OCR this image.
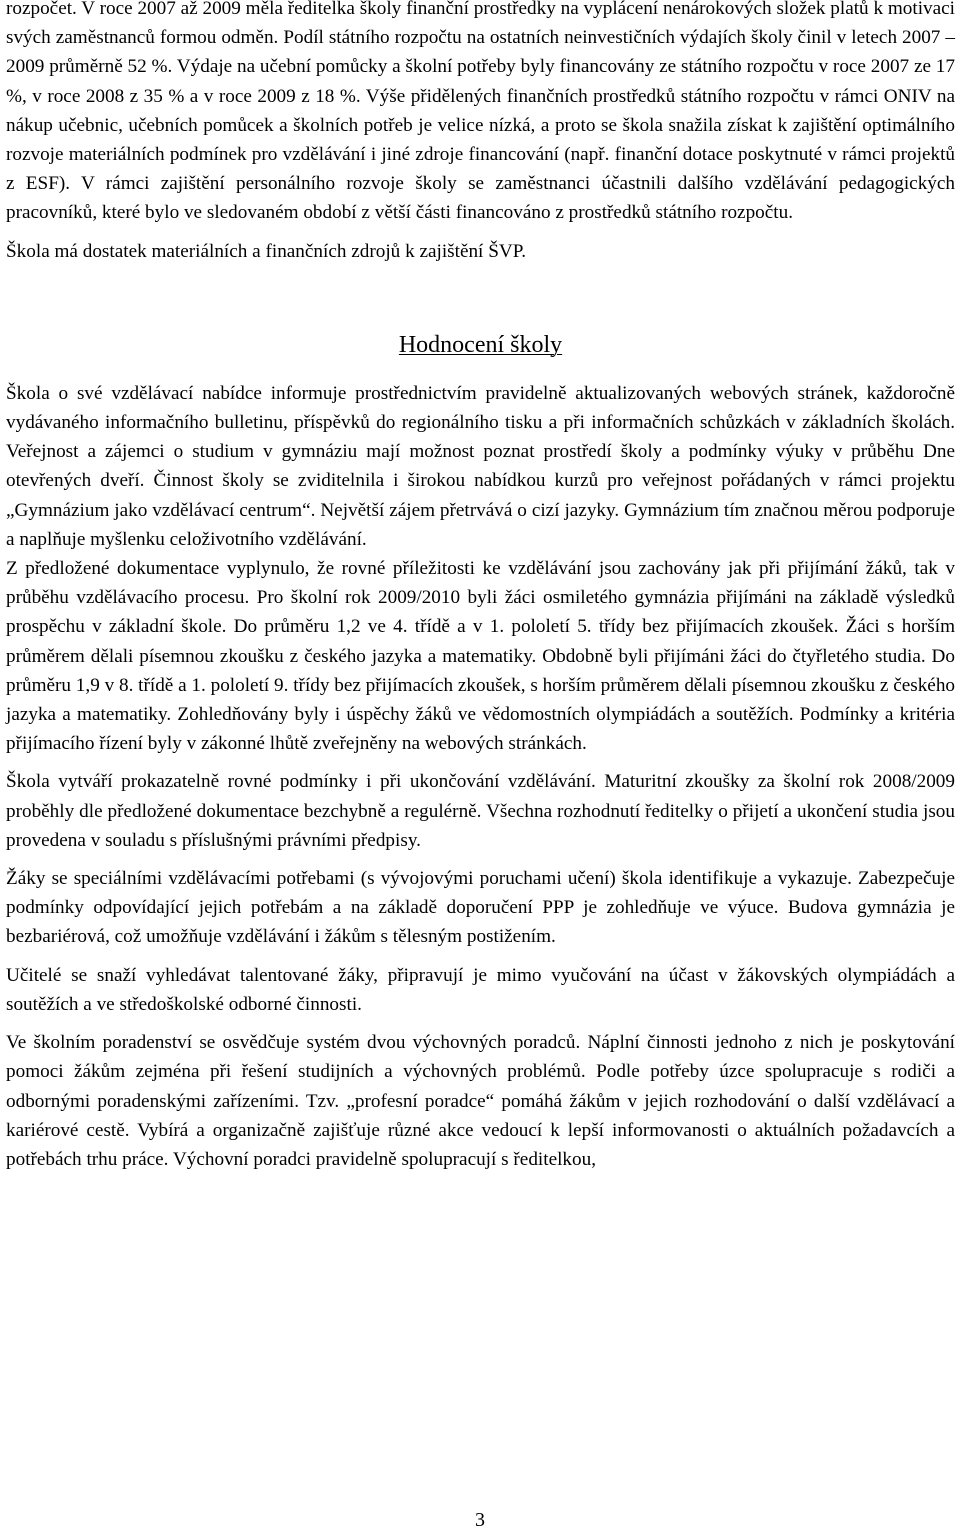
rozpočet. V roce 2007 až 2009 měla ředitelka školy finanční prostředky na vyplácení nenárokových složek platů k motivaci svých zaměstnanců formou odměn. Podíl státního rozpočtu na ostatních neinvestičních výdajích školy činil v letech 2007 – 2009 průměrně 52 %. Výdaje na učební pomůcky a školní potřeby byly financovány ze státního rozpočtu v roce 2007 ze 17 %, v roce 2008 z 35 % a v roce 2009 z 18 %. Výše přidělených finančních prostředků státního rozpočtu v rámci ONIV na nákup učebnic, učebních pomůcek a školních potřeb je velice nízká, a proto se škola snažila získat k zajištění optimálního rozvoje materiálních podmínek pro vzdělávání i jiné zdroje financování (např. finanční dotace poskytnuté v rámci projektů z ESF). V rámci zajištění personálního rozvoje školy se zaměstnanci účastnili dalšího vzdělávání pedagogických pracovníků, které bylo ve sledovaném období z větší části financováno z prostředků státního rozpočtu.

Škola má dostatek materiálních a finančních zdrojů k zajištění ŠVP.

Hodnocení školy

Škola o své vzdělávací nabídce informuje prostřednictvím pravidelně aktualizovaných webových stránek, každoročně vydávaného informačního bulletinu, příspěvků do regionálního tisku a při informačních schůzkách v základních školách. Veřejnost a zájemci o studium v gymnáziu mají možnost poznat prostředí školy a podmínky výuky v průběhu Dne otevřených dveří. Činnost školy se zviditelnila i širokou nabídkou kurzů pro veřejnost pořádaných v rámci projektu „Gymnázium jako vzdělávací centrum“. Největší zájem přetrvává o cizí jazyky. Gymnázium tím značnou měrou podporuje a naplňuje myšlenku celoživotního vzdělávání.

Z předložené dokumentace vyplynulo, že rovné příležitosti ke vzdělávání jsou zachovány jak při přijímání žáků, tak v průběhu vzdělávacího procesu. Pro školní rok 2009/2010 byli žáci osmiletého gymnázia přijímáni na základě výsledků prospěchu v základní škole. Do průměru 1,2 ve 4. třídě a v 1. pololetí 5. třídy bez přijímacích zkoušek. Žáci s horším průměrem dělali písemnou zkoušku z českého jazyka a matematiky. Obdobně byli přijímáni žáci do čtyřletého studia. Do průměru 1,9 v 8. třídě a 1. pololetí 9. třídy bez přijímacích zkoušek, s horším průměrem dělali písemnou zkoušku z českého jazyka a matematiky. Zohledňovány byly i úspěchy žáků ve vědomostních olympiádách a soutěžích. Podmínky a kritéria přijímacího řízení byly v zákonné lhůtě zveřejněny na webových stránkách.

Škola vytváří prokazatelně rovné podmínky i při ukončování vzdělávání. Maturitní zkoušky za školní rok 2008/2009 proběhly dle předložené dokumentace bezchybně a regulérně. Všechna rozhodnutí ředitelky o přijetí a ukončení studia jsou provedena v souladu s příslušnými právními předpisy.

Žáky se speciálními vzdělávacími potřebami (s vývojovými poruchami učení) škola identifikuje a vykazuje. Zabezpečuje podmínky odpovídající jejich potřebám a na základě doporučení PPP je zohledňuje ve výuce. Budova gymnázia je bezbariérová, což umožňuje vzdělávání i žákům s tělesným postižením.

Učitelé se snaží vyhledávat talentované žáky, připravují je mimo vyučování na účast v žákovských olympiádách a soutěžích a ve středoškolské odborné činnosti.

Ve školním poradenství se osvědčuje systém dvou výchovných poradců. Náplní činnosti jednoho z nich je poskytování pomoci žákům zejména při řešení studijních a výchovných problémů. Podle potřeby úzce spolupracuje s rodiči a odbornými poradenskými zařízeními. Tzv. „profesní poradce“ pomáhá žákům v jejich rozhodování o další vzdělávací a kariérové cestě. Vybírá a organizačně zajišťuje různé akce vedoucí k lepší informovanosti o aktuálních požadavcích a potřebách trhu práce. Výchovní poradci pravidelně spolupracují s ředitelkou,

3
